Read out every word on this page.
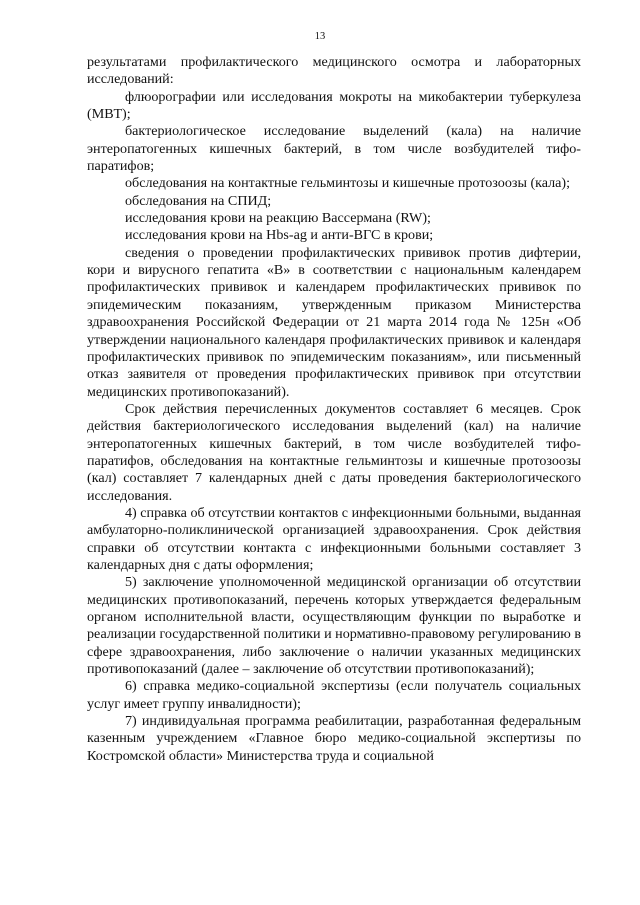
13

результатами профилактического медицинского осмотра и лабораторных исследований:

флюорографии или исследования мокроты на микобактерии туберкулеза (МВТ);

бактериологическое исследование выделений (кала) на наличие энтеропатогенных кишечных бактерий, в том числе возбудителей тифо-паратифов;

обследования на контактные гельминтозы и кишечные протозоозы (кала);

обследования на СПИД;

исследования крови на реакцию Вассермана (RW);

исследования крови на Hbs-ag и анти-ВГС в крови;

сведения о проведении профилактических прививок против дифтерии, кори и вирусного гепатита «В» в соответствии с национальным календарем профилактических прививок и календарем профилактических прививок по эпидемическим показаниям, утвержденным приказом Министерства здравоохранения Российской Федерации от 21 марта 2014 года № 125н «Об утверждении национального календаря профилактических прививок и календаря профилактических прививок по эпидемическим показаниям», или письменный отказ заявителя от проведения профилактических прививок при отсутствии медицинских противопоказаний).

Срок действия перечисленных документов составляет 6 месяцев. Срок действия бактериологического исследования выделений (кал) на наличие энтеропатогенных кишечных бактерий, в том числе возбудителей тифо-паратифов, обследования на контактные гельминтозы и кишечные протозоозы (кал) составляет 7 календарных дней с даты проведения бактериологического исследования.

4) справка об отсутствии контактов с инфекционными больными, выданная амбулаторно-поликлинической организацией здравоохранения. Срок действия справки об отсутствии контакта с инфекционными больными составляет 3 календарных дня с даты оформления;

5) заключение уполномоченной медицинской организации об отсутствии медицинских противопоказаний, перечень которых утверждается федеральным органом исполнительной власти, осуществляющим функции по выработке и реализации государственной политики и нормативно-правовому регулированию в сфере здравоохранения, либо заключение о наличии указанных медицинских противопоказаний (далее – заключение об отсутствии противопоказаний);

6) справка медико-социальной экспертизы (если получатель социальных услуг имеет группу инвалидности);

7) индивидуальная программа реабилитации, разработанная федеральным казенным учреждением «Главное бюро медико-социальной экспертизы по Костромской области» Министерства труда и социальной
